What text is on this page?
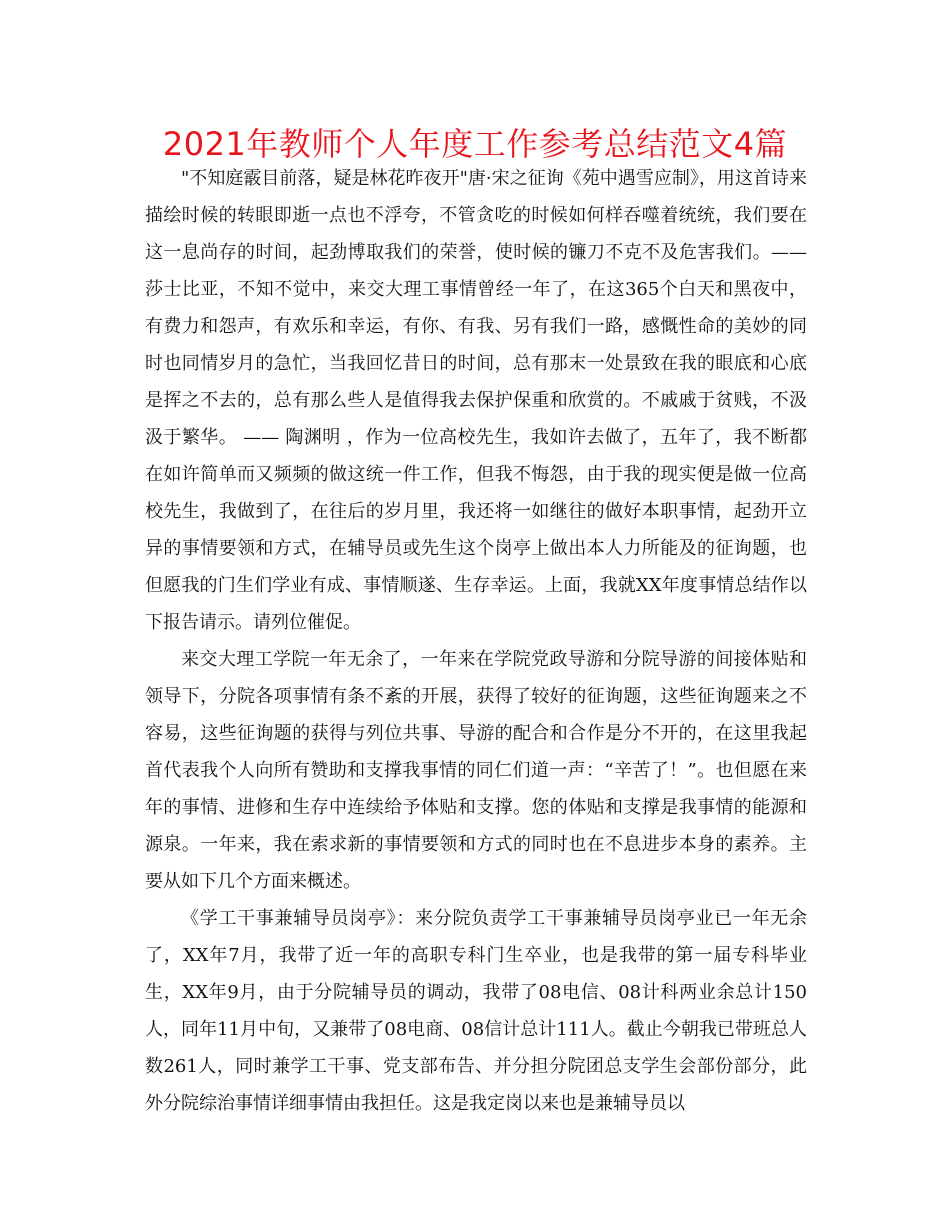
2021年教师个人年度工作参考总结范文4篇

"不知庭霰目前落，疑是林花昨夜开"唐·宋之征询《苑中遇雪应制》，用这首诗来描绘时候的转眼即逝一点也不浮夸，不管贪吃的时候如何样吞噬着统统，我们要在这一息尚存的时间，起劲博取我们的荣誉，使时候的镰刀不克不及危害我们。——莎士比亚，不知不觉中，来交大理工事情曾经一年了，在这365个白天和黑夜中，有费力和怨声，有欢乐和幸运，有你、有我、另有我们一路，感慨性命的美妙的同时也同情岁月的急忙，当我回忆昔日的时间，总有那末一处景致在我的眼底和心底是挥之不去的，总有那么些人是值得我去保护保重和欣赏的。不戚戚于贫贱，不汲汲于繁华。 —— 陶渊明 ，作为一位高校先生，我如许去做了，五年了，我不断都在如许简单而又频频的做这统一件工作，但我不悔怨，由于我的现实便是做一位高校先生，我做到了，在往后的岁月里，我还将一如继往的做好本职事情，起劲开立异的事情要领和方式，在辅导员或先生这个岗亭上做出本人力所能及的征询题，也但愿我的门生们学业有成、事情顺遂、生存幸运。上面，我就XX年度事情总结作以下报告请示。请列位催促。

来交大理工学院一年无余了，一年来在学院党政导游和分院导游的间接体贴和领导下，分院各项事情有条不紊的开展，获得了较好的征询题，这些征询题来之不容易，这些征询题的获得与列位共事、导游的配合和合作是分不开的，在这里我起首代表我个人向所有赞助和支撑我事情的同仁们道一声：“辛苦了！”。也但愿在来年的事情、进修和生存中连续给予体贴和支撑。您的体贴和支撑是我事情的能源和源泉。一年来，我在索求新的事情要领和方式的同时也在不息进步本身的素养。主要从如下几个方面来概述。

《学工干事兼辅导员岗亭》：来分院负责学工干事兼辅导员岗亭业已一年无余了，XX年7月，我带了近一年的高职专科门生卒业，也是我带的第一届专科毕业生，XX年9月，由于分院辅导员的调动，我带了08电信、08计科两业余总计150人，同年11月中旬，又兼带了08电商、08信计总计111人。截止今朝我已带班总人数261人，同时兼学工干事、党支部布告、并分担分院团总支学生会部份部分，此外分院综治事情详细事情由我担任。这是我定岗以来也是兼辅导员以
